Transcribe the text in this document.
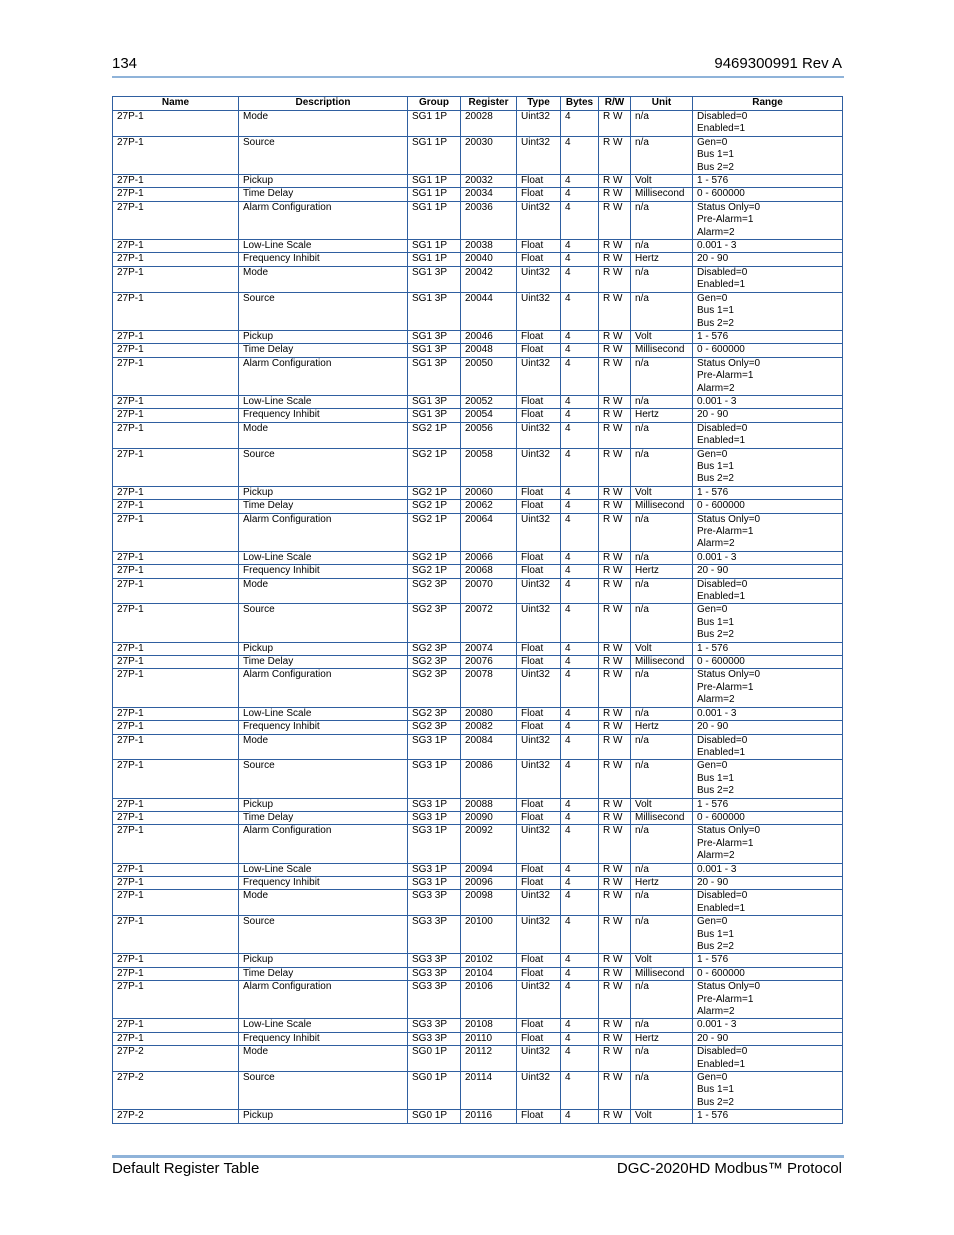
134	9469300991 Rev A
Name	Description	Group	Register	Type	Bytes	R/W	Unit	Range
27P-1	Mode	SG1 1P	20028	Uint32	4	R W	n/a	Disabled=0
Enabled=1
27P-1	Source	SG1 1P	20030	Uint32	4	R W	n/a	Gen=0
Bus 1=1
Bus 2=2
27P-1	Pickup	SG1 1P	20032	Float	4	R W	Volt	1 - 576
27P-1	Time Delay	SG1 1P	20034	Float	4	R W	Millisecond	0 - 600000
27P-1	Alarm Configuration	SG1 1P	20036	Uint32	4	R W	n/a	Status Only=0
Pre-Alarm=1
Alarm=2
27P-1	Low-Line Scale	SG1 1P	20038	Float	4	R W	n/a	0.001 - 3
27P-1	Frequency Inhibit	SG1 1P	20040	Float	4	R W	Hertz	20 - 90
27P-1	Mode	SG1 3P	20042	Uint32	4	R W	n/a	Disabled=0
Enabled=1
27P-1	Source	SG1 3P	20044	Uint32	4	R W	n/a	Gen=0
Bus 1=1
Bus 2=2
27P-1	Pickup	SG1 3P	20046	Float	4	R W	Volt	1 - 576
27P-1	Time Delay	SG1 3P	20048	Float	4	R W	Millisecond	0 - 600000
27P-1	Alarm Configuration	SG1 3P	20050	Uint32	4	R W	n/a	Status Only=0
Pre-Alarm=1
Alarm=2
27P-1	Low-Line Scale	SG1 3P	20052	Float	4	R W	n/a	0.001 - 3
27P-1	Frequency Inhibit	SG1 3P	20054	Float	4	R W	Hertz	20 - 90
27P-1	Mode	SG2 1P	20056	Uint32	4	R W	n/a	Disabled=0
Enabled=1
27P-1	Source	SG2 1P	20058	Uint32	4	R W	n/a	Gen=0
Bus 1=1
Bus 2=2
27P-1	Pickup	SG2 1P	20060	Float	4	R W	Volt	1 - 576
27P-1	Time Delay	SG2 1P	20062	Float	4	R W	Millisecond	0 - 600000
27P-1	Alarm Configuration	SG2 1P	20064	Uint32	4	R W	n/a	Status Only=0
Pre-Alarm=1
Alarm=2
27P-1	Low-Line Scale	SG2 1P	20066	Float	4	R W	n/a	0.001 - 3
27P-1	Frequency Inhibit	SG2 1P	20068	Float	4	R W	Hertz	20 - 90
27P-1	Mode	SG2 3P	20070	Uint32	4	R W	n/a	Disabled=0
Enabled=1
27P-1	Source	SG2 3P	20072	Uint32	4	R W	n/a	Gen=0
Bus 1=1
Bus 2=2
27P-1	Pickup	SG2 3P	20074	Float	4	R W	Volt	1 - 576
27P-1	Time Delay	SG2 3P	20076	Float	4	R W	Millisecond	0 - 600000
27P-1	Alarm Configuration	SG2 3P	20078	Uint32	4	R W	n/a	Status Only=0
Pre-Alarm=1
Alarm=2
27P-1	Low-Line Scale	SG2 3P	20080	Float	4	R W	n/a	0.001 - 3
27P-1	Frequency Inhibit	SG2 3P	20082	Float	4	R W	Hertz	20 - 90
27P-1	Mode	SG3 1P	20084	Uint32	4	R W	n/a	Disabled=0
Enabled=1
27P-1	Source	SG3 1P	20086	Uint32	4	R W	n/a	Gen=0
Bus 1=1
Bus 2=2
27P-1	Pickup	SG3 1P	20088	Float	4	R W	Volt	1 - 576
27P-1	Time Delay	SG3 1P	20090	Float	4	R W	Millisecond	0 - 600000
27P-1	Alarm Configuration	SG3 1P	20092	Uint32	4	R W	n/a	Status Only=0
Pre-Alarm=1
Alarm=2
27P-1	Low-Line Scale	SG3 1P	20094	Float	4	R W	n/a	0.001 - 3
27P-1	Frequency Inhibit	SG3 1P	20096	Float	4	R W	Hertz	20 - 90
27P-1	Mode	SG3 3P	20098	Uint32	4	R W	n/a	Disabled=0
Enabled=1
27P-1	Source	SG3 3P	20100	Uint32	4	R W	n/a	Gen=0
Bus 1=1
Bus 2=2
27P-1	Pickup	SG3 3P	20102	Float	4	R W	Volt	1 - 576
27P-1	Time Delay	SG3 3P	20104	Float	4	R W	Millisecond	0 - 600000
27P-1	Alarm Configuration	SG3 3P	20106	Uint32	4	R W	n/a	Status Only=0
Pre-Alarm=1
Alarm=2
27P-1	Low-Line Scale	SG3 3P	20108	Float	4	R W	n/a	0.001 - 3
27P-1	Frequency Inhibit	SG3 3P	20110	Float	4	R W	Hertz	20 - 90
27P-2	Mode	SG0 1P	20112	Uint32	4	R W	n/a	Disabled=0
Enabled=1
27P-2	Source	SG0 1P	20114	Uint32	4	R W	n/a	Gen=0
Bus 1=1
Bus 2=2
27P-2	Pickup	SG0 1P	20116	Float	4	R W	Volt	1 - 576
Default Register Table	DGC-2020HD Modbus™ Protocol
